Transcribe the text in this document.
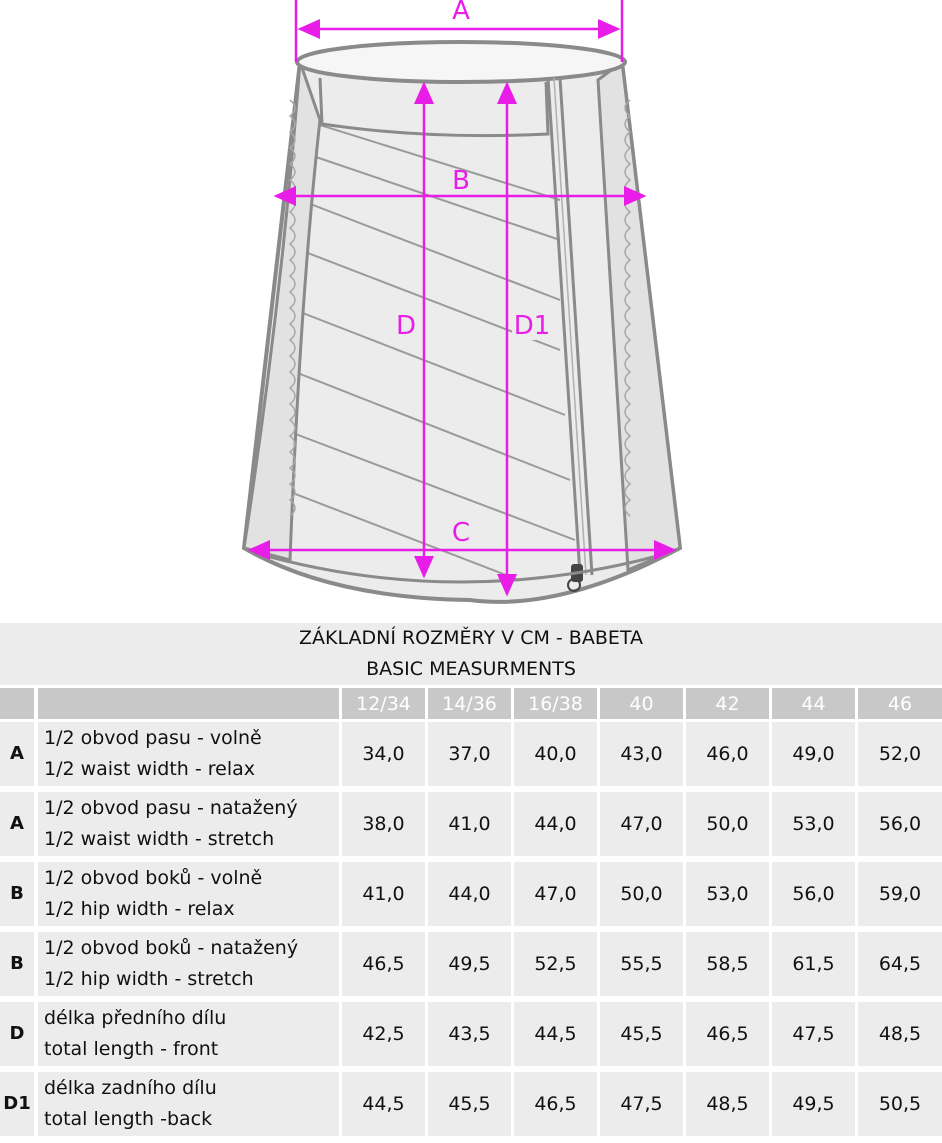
A
B
C
D	D1
ZÁKLADNÍ ROZMĚRY V CM - BABETA
BASIC MEASURMENTS
12/34	14/36	16/38	40	42	44	46
A
1/2 obvod pasu - volně
1/2 waist width - relax
34,0	37,0	40,0	43,0	46,0	49,0	52,0
A
1/2 obvod pasu - natažený
1/2 waist width - stretch
38,0	41,0	44,0	47,0	50,0	53,0	56,0
B
1/2 obvod boků - volně
1/2 hip width - relax
41,0	44,0	47,0	50,0	53,0	56,0	59,0
B
1/2 obvod boků - natažený
1/2 hip width - stretch
46,5	49,5	52,5	55,5	58,5	61,5	64,5
D
délka předního dílu
total length - front
42,5	43,5	44,5	45,5	46,5	47,5	48,5
D1
délka zadního dílu
total length -back
44,5	45,5	46,5	47,5	48,5	49,5	50,5
